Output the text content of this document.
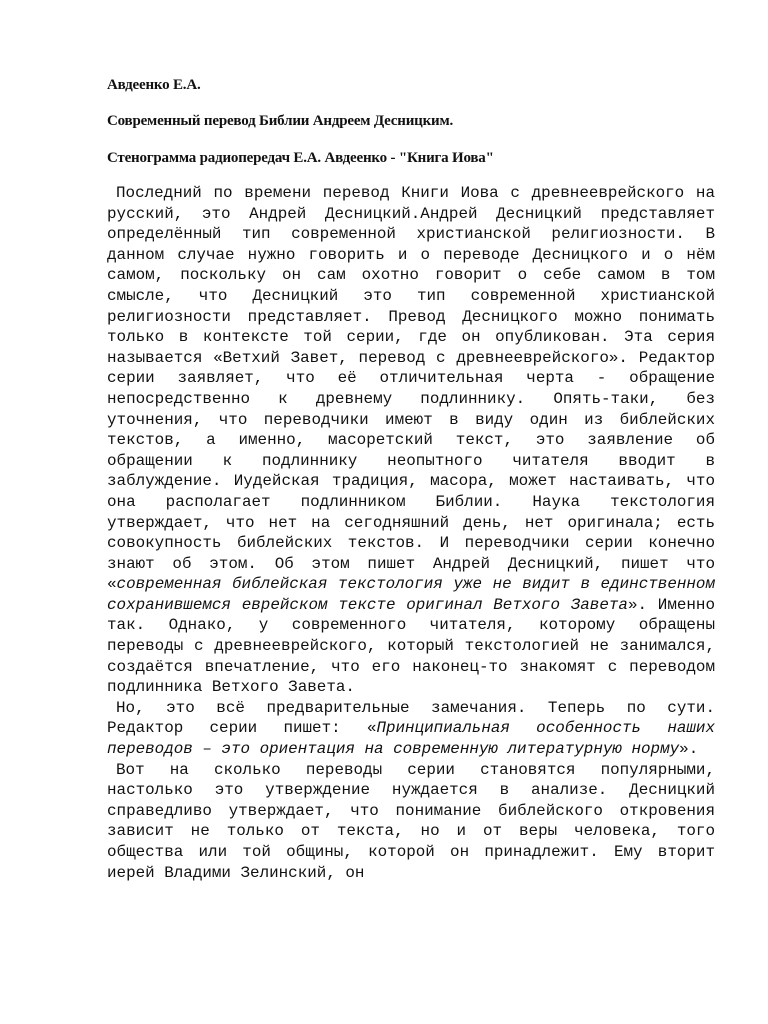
Авдеенко Е.А.

Современный перевод Библии Андреем Десницким.

Стенограмма радиопередач Е.А. Авдеенко - "Книга Иова"

Последний по времени перевод Книги Иова с древнееврейского на русский, это Андрей Десницкий.Андрей Десницкий представляет определённый тип современной христианской религиозности. В данном случае нужно говорить и о переводе Десницкого и о нём самом, поскольку он сам охотно говорит о себе самом в том смысле, что Десницкий это тип современной христианской религиозности представляет. Превод Десницкого можно понимать только в контексте той серии, где он опубликован. Эта серия называется «Ветхий Завет, перевод с древнееврейского». Редактор серии заявляет, что её отличительная черта - обращение непосредственно к древнему подлиннику. Опять-таки, без уточнения, что переводчики имеют в виду один из библейских текстов, а именно, масоретский текст, это заявление об обращении к подлиннику неопытного читателя вводит в заблуждение. Иудейская традиция, масора, может настаивать, что она располагает подлинником Библии. Наука текстология утверждает, что нет на сегодняшний день, нет оригинала; есть совокупность библейских текстов. И переводчики серии конечно знают об этом. Об этом пишет Андрей Десницкий, пишет что «современная библейская текстология уже не видит в единственном сохранившемся еврейском тексте оригинал Ветхого Завета». Именно так. Однако, у современного читателя, которому обращены переводы с древнееврейского, который текстологией не занимался, создаётся впечатление, что его наконец-то знакомят с переводом подлинника Ветхого Завета.

Но, это всё предварительные замечания. Теперь по сути. Редактор серии пишет: «Принципиальная особенность наших переводов – это ориентация на современную литературную норму».

Вот на сколько переводы серии становятся популярными, настолько это утверждение нуждается в анализе. Десницкий справедливо утверждает, что понимание библейского откровения зависит не только от текста, но и от веры человека, того общества или той общины, которой он принадлежит. Ему вторит иерей Владими Зелинский, он
